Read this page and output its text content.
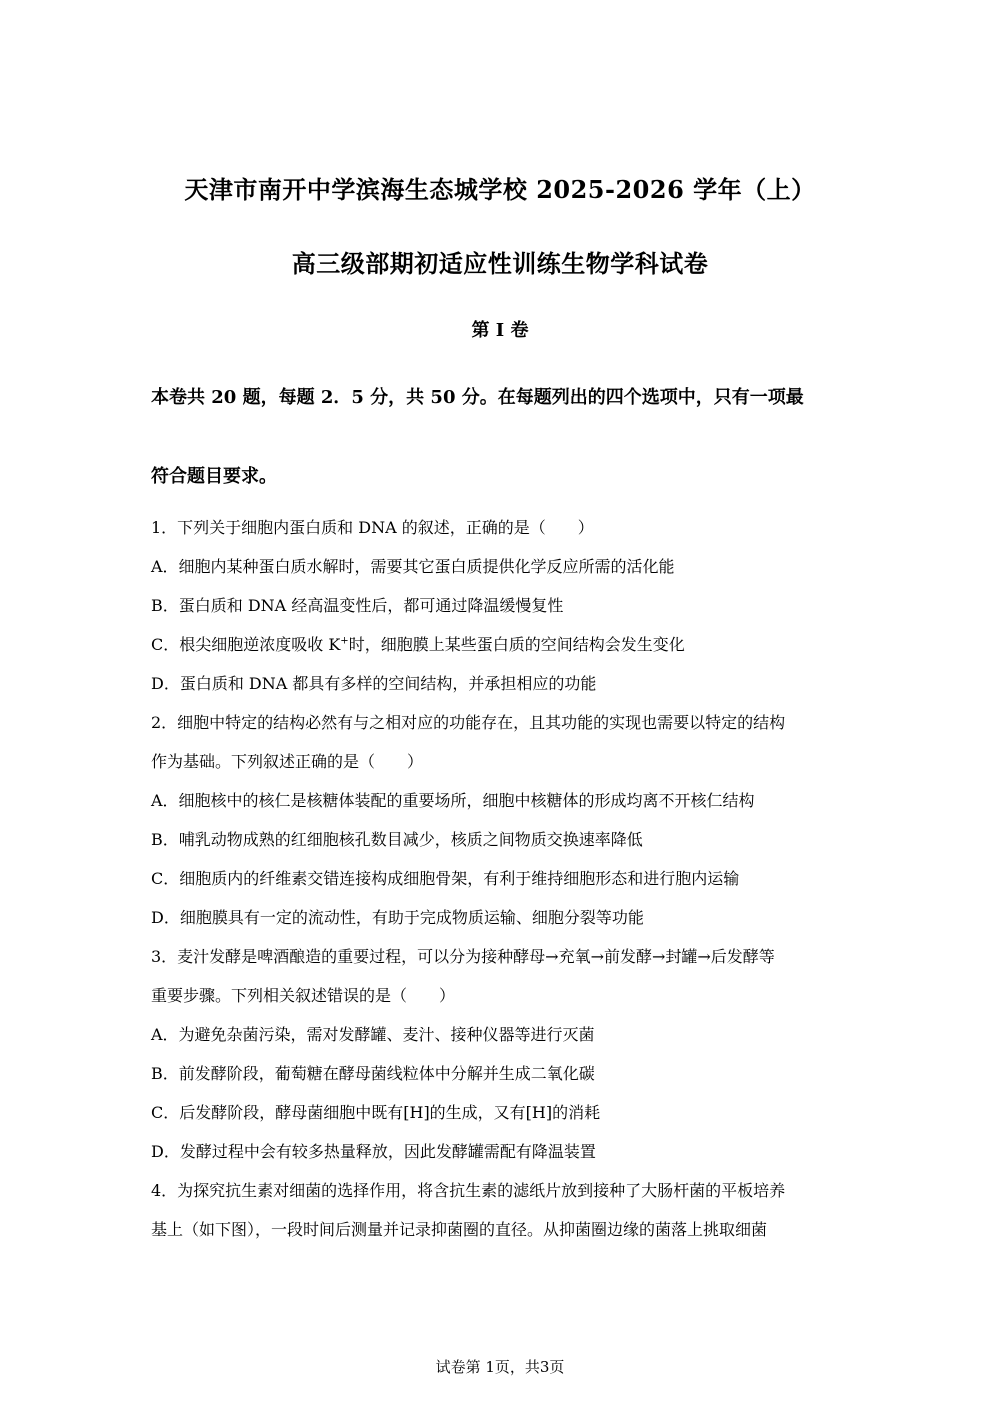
天津市南开中学滨海生态城学校 2025-2026 学年（上）
高三级部期初适应性训练生物学科试卷
第 I 卷
本卷共 20 题，每题 2．5 分，共 50 分。在每题列出的四个选项中，只有一项最
符合题目要求。
1．下列关于细胞内蛋白质和 DNA 的叙述，正确的是（　　）
A．细胞内某种蛋白质水解时，需要其它蛋白质提供化学反应所需的活化能
B．蛋白质和 DNA 经高温变性后，都可通过降温缓慢复性
C．根尖细胞逆浓度吸收 K+时，细胞膜上某些蛋白质的空间结构会发生变化
D．蛋白质和 DNA 都具有多样的空间结构，并承担相应的功能
2．细胞中特定的结构必然有与之相对应的功能存在，且其功能的实现也需要以特定的结构
作为基础。下列叙述正确的是（　　）
A．细胞核中的核仁是核糖体装配的重要场所，细胞中核糖体的形成均离不开核仁结构
B．哺乳动物成熟的红细胞核孔数目减少，核质之间物质交换速率降低
C．细胞质内的纤维素交错连接构成细胞骨架，有利于维持细胞形态和进行胞内运输
D．细胞膜具有一定的流动性，有助于完成物质运输、细胞分裂等功能
3．麦汁发酵是啤酒酿造的重要过程，可以分为接种酵母→充氧→前发酵→封罐→后发酵等
重要步骤。下列相关叙述错误的是（　　）
A．为避免杂菌污染，需对发酵罐、麦汁、接种仪器等进行灭菌
B．前发酵阶段，葡萄糖在酵母菌线粒体中分解并生成二氧化碳
C．后发酵阶段，酵母菌细胞中既有[H]的生成，又有[H]的消耗
D．发酵过程中会有较多热量释放，因此发酵罐需配有降温装置
4．为探究抗生素对细菌的选择作用，将含抗生素的滤纸片放到接种了大肠杆菌的平板培养
基上（如下图），一段时间后测量并记录抑菌圈的直径。从抑菌圈边缘的菌落上挑取细菌
试卷第 1页，共3页
